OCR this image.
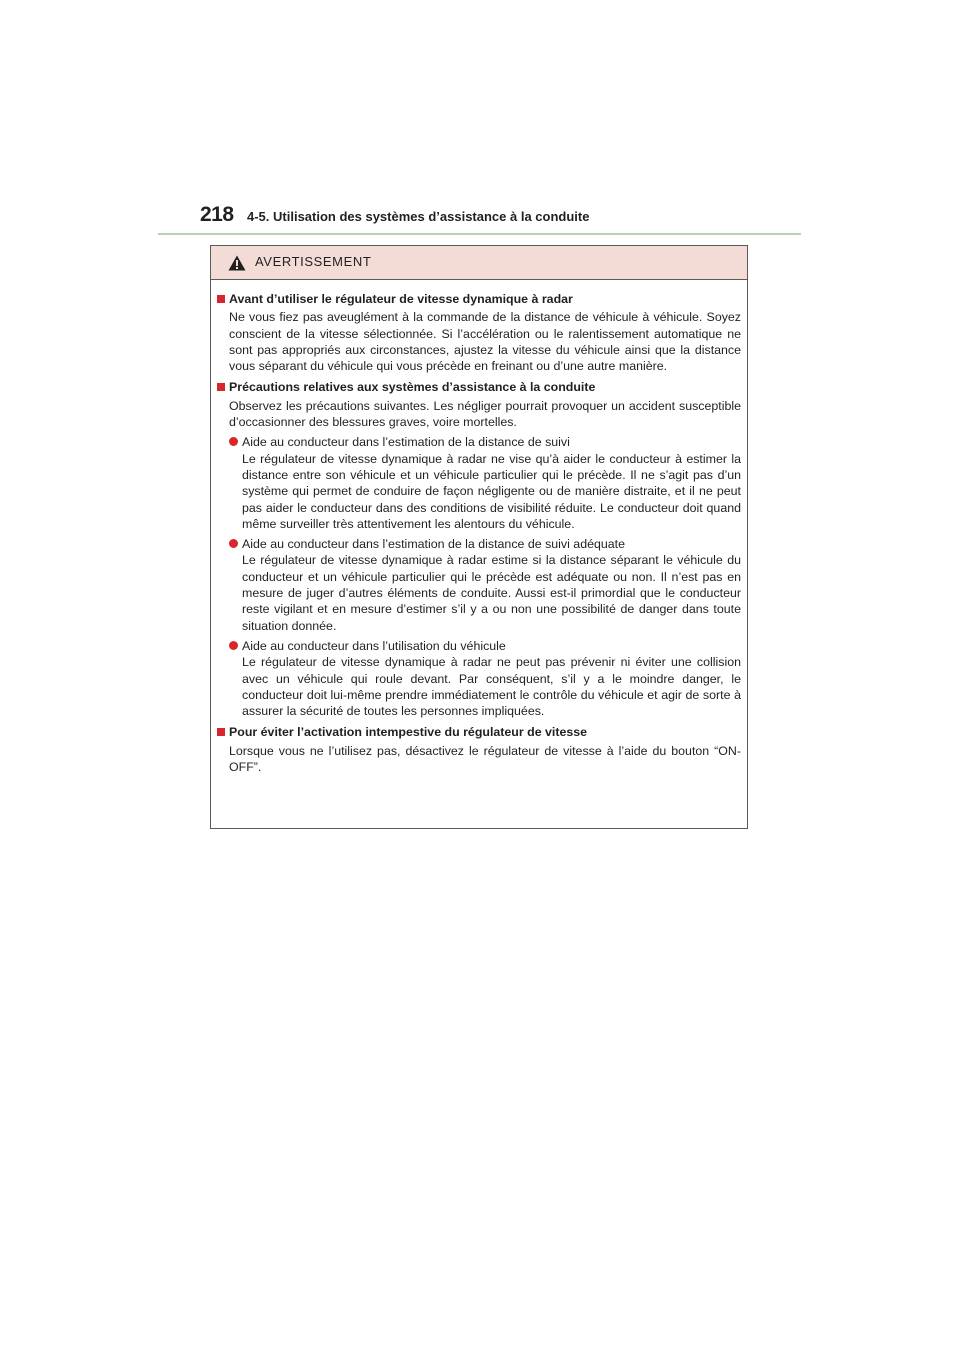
218 4-5. Utilisation des systèmes d’assistance à la conduite
AVERTISSEMENT
Avant d’utiliser le régulateur de vitesse dynamique à radar
Ne vous fiez pas aveuglément à la commande de la distance de véhicule à véhicule. Soyez conscient de la vitesse sélectionnée. Si l’accélération ou le ralentissement automatique ne sont pas appropriés aux circonstances, ajustez la vitesse du véhicule ainsi que la distance vous séparant du véhicule qui vous précède en freinant ou d’une autre manière.
Précautions relatives aux systèmes d’assistance à la conduite
Observez les précautions suivantes. Les négliger pourrait provoquer un accident susceptible d’occasionner des blessures graves, voire mortelles.
Aide au conducteur dans l’estimation de la distance de suivi
Le régulateur de vitesse dynamique à radar ne vise qu’à aider le conducteur à estimer la distance entre son véhicule et un véhicule particulier qui le précède. Il ne s’agit pas d’un système qui permet de conduire de façon négligente ou de manière distraite, et il ne peut pas aider le conducteur dans des conditions de visibilité réduite. Le conducteur doit quand même surveiller très attentivement les alentours du véhicule.
Aide au conducteur dans l’estimation de la distance de suivi adéquate
Le régulateur de vitesse dynamique à radar estime si la distance séparant le véhicule du conducteur et un véhicule particulier qui le précède est adéquate ou non. Il n’est pas en mesure de juger d’autres éléments de conduite. Aussi est-il primordial que le conducteur reste vigilant et en mesure d’estimer s’il y a ou non une possibilité de danger dans toute situation donnée.
Aide au conducteur dans l’utilisation du véhicule
Le régulateur de vitesse dynamique à radar ne peut pas prévenir ni éviter une collision avec un véhicule qui roule devant. Par conséquent, s’il y a le moindre danger, le conducteur doit lui-même prendre immédiatement le contrôle du véhicule et agir de sorte à assurer la sécurité de toutes les personnes impliquées.
Pour éviter l’activation intempestive du régulateur de vitesse
Lorsque vous ne l’utilisez pas, désactivez le régulateur de vitesse à l’aide du bouton “ON-OFF”.
